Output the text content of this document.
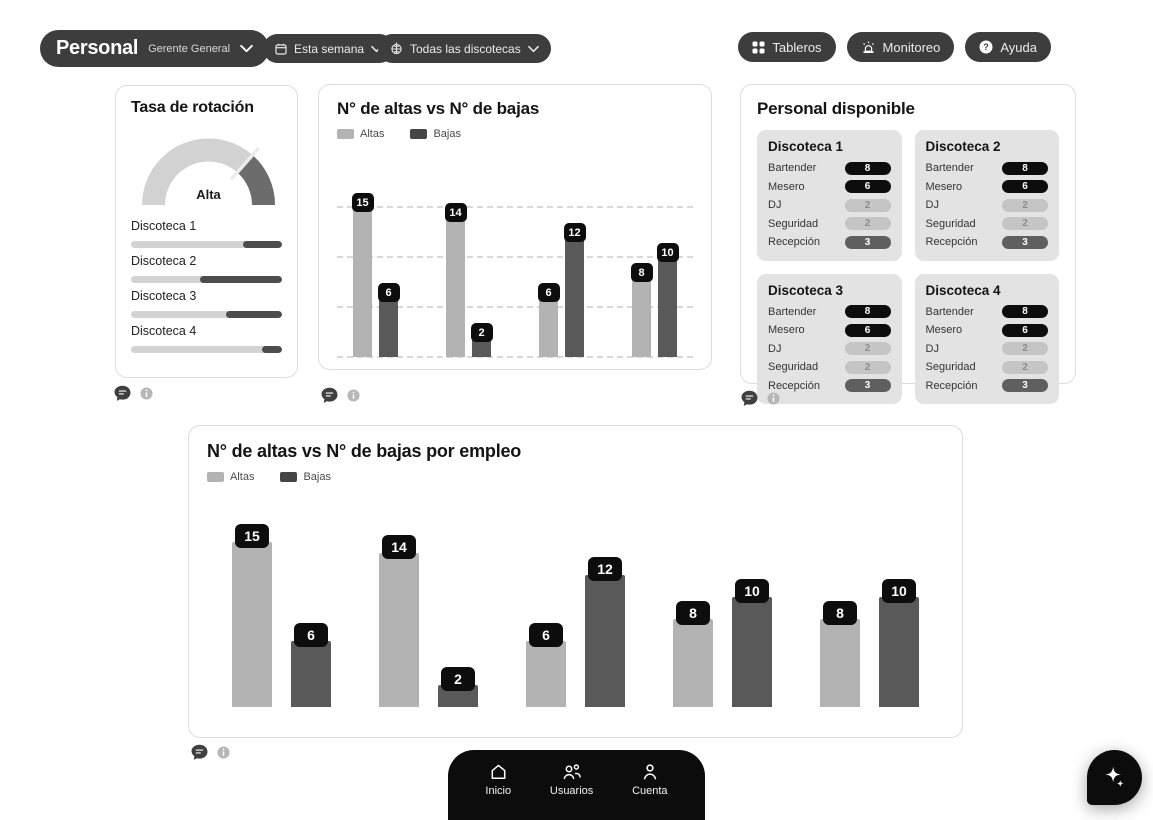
Personal Gerente General	Esta semana	Todas las discotecas	Tableros	Monitoreo	? Ayuda
Tasa de rotación
Alta
Discoteca 1
Discoteca 2
Discoteca 3
Discoteca 4
N° de altas vs N° de bajas
Altas	Bajas
15
6
14
2
6
12
8
10
Personal disponible
Discoteca 1
Bartender	8
Mesero	6
DJ	2
Seguridad	2
Recepción	3
Discoteca 2
Bartender	8
Mesero	6
DJ	2
Seguridad	2
Recepción	3
Discoteca 3
Bartender	8
Mesero	6
DJ	2
Seguridad	2
Recepción	3
Discoteca 4
Bartender	8
Mesero	6
DJ	2
Seguridad	2
Recepción	3
N° de altas vs N° de bajas por empleo
Altas	Bajas
15
6
14
2
6
12
8
10
8
10
Inicio	Usuarios	Cuenta
